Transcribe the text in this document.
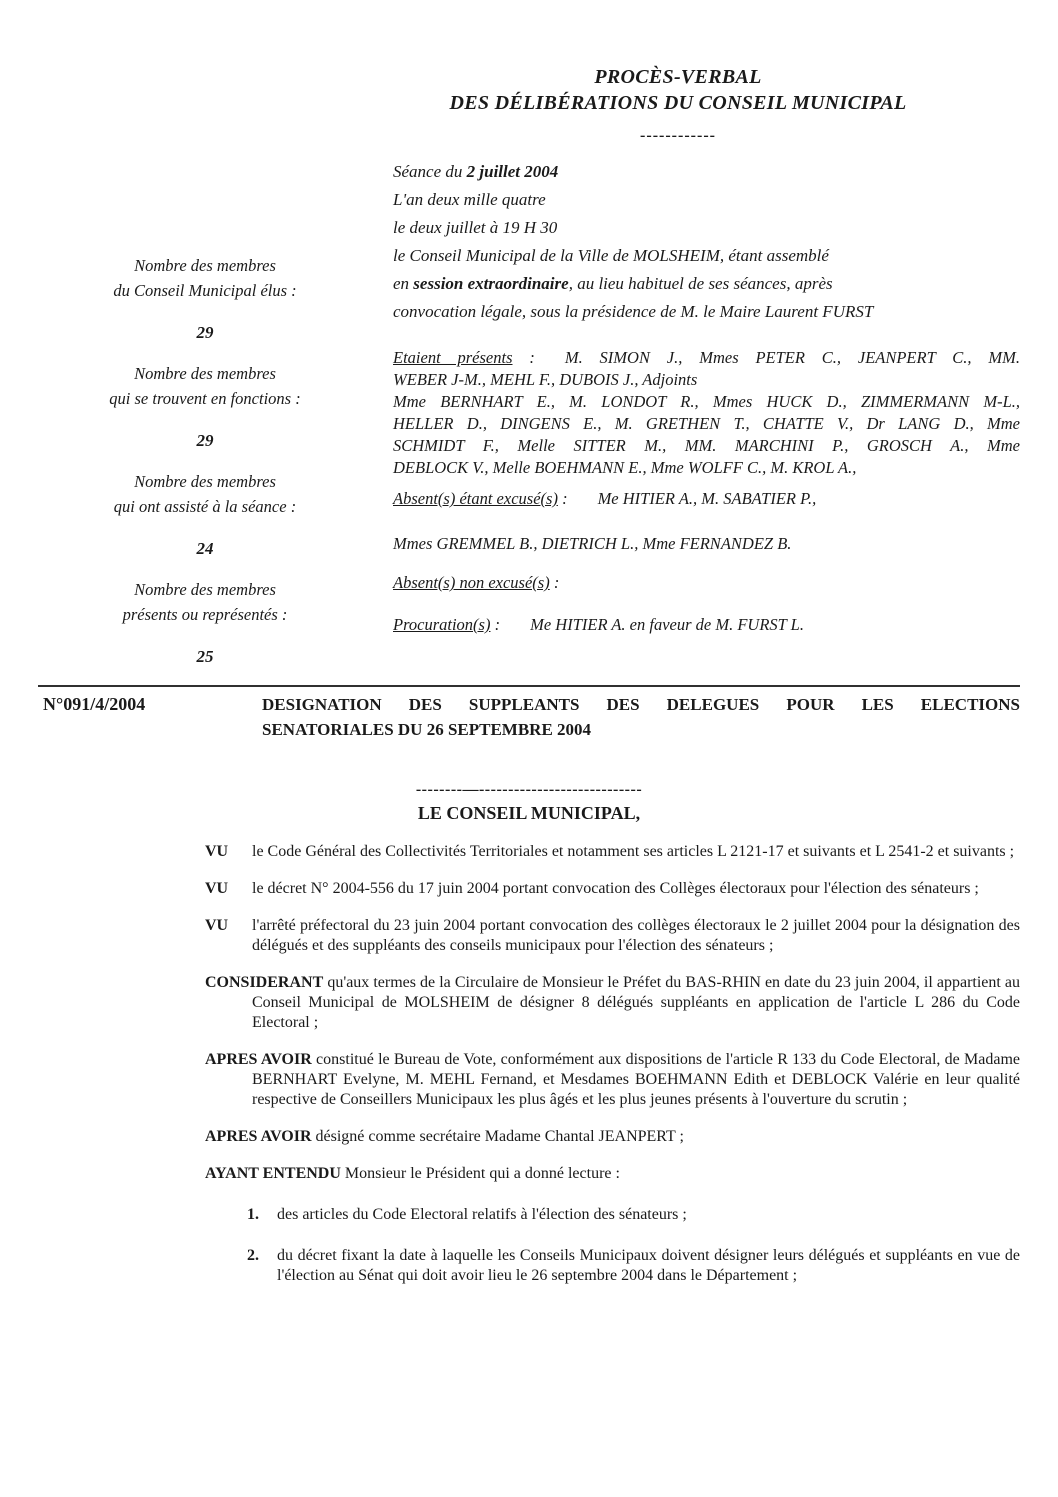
PROCÈS-VERBAL
DES DÉLIBÉRATIONS DU CONSEIL MUNICIPAL
------------
Nombre des membres
du Conseil Municipal élus :
29
Nombre des membres
qui se trouvent en fonctions :
29
Nombre des membres
qui ont assisté à la séance :
24
Nombre des membres
présents ou représentés :
25
Séance du 2 juillet 2004
L'an deux mille quatre
le deux juillet à 19 H 30
le Conseil Municipal de la Ville de MOLSHEIM, étant assemblé
en session extraordinaire, au lieu habituel de ses séances, après
convocation légale, sous la présidence de M. le Maire Laurent FURST
Etaient présents : M. SIMON J., Mmes PETER C., JEANPERT C., MM.
WEBER J-M., MEHL F., DUBOIS J., Adjoints
Mme BERNHART E., M. LONDOT R., Mmes HUCK D., ZIMMERMANN M-L.,
HELLER D., DINGENS E., M. GRETHEN T., CHATTE V., Dr LANG D., Mme
SCHMIDT F., Melle SITTER M., MM. MARCHINI P., GROSCH A., Mme
DEBLOCK V., Melle BOEHMANN E., Mme WOLFF C., M. KROL A.,
Absent(s) étant excusé(s) : Me HITIER A., M. SABATIER P.,
Mmes GREMMEL B., DIETRICH L., Mme FERNANDEZ B.
Absent(s) non excusé(s) :
Procuration(s) : Me HITIER A. en faveur de M. FURST L.
N°091/4/2004	DESIGNATION DES SUPPLEANTS DES DELEGUES POUR LES ELECTIONS
SENATORIALES DU 26 SEPTEMBRE 2004
--------—----------------------------
LE CONSEIL MUNICIPAL,

VU le Code Général des Collectivités Territoriales et notamment ses articles L 2121-17 et suivants et L 2541-2 et suivants ;

VU le décret N° 2004-556 du 17 juin 2004 portant convocation des Collèges électoraux pour l'élection des sénateurs ;

VU l'arrêté préfectoral du 23 juin 2004 portant convocation des collèges électoraux le 2 juillet 2004 pour la désignation des délégués et des suppléants des conseils municipaux pour l'élection des sénateurs ;

CONSIDERANT qu'aux termes de la Circulaire de Monsieur le Préfet du BAS-RHIN en date du 23 juin 2004, il appartient au Conseil Municipal de MOLSHEIM de désigner 8 délégués suppléants en application de l'article L 286 du Code Electoral ;

APRES AVOIR constitué le Bureau de Vote, conformément aux dispositions de l'article R 133 du Code Electoral, de Madame BERNHART Evelyne, M. MEHL Fernand, et Mesdames BOEHMANN Edith et DEBLOCK Valérie en leur qualité respective de Conseillers Municipaux les plus âgés et les plus jeunes présents à l'ouverture du scrutin ;

APRES AVOIR désigné comme secrétaire Madame Chantal JEANPERT ;

AYANT ENTENDU Monsieur le Président qui a donné lecture :

1. des articles du Code Electoral relatifs à l'élection des sénateurs ;
2. du décret fixant la date à laquelle les Conseils Municipaux doivent désigner leurs délégués et suppléants en vue de l'élection au Sénat qui doit avoir lieu le 26 septembre 2004 dans le Département ;
